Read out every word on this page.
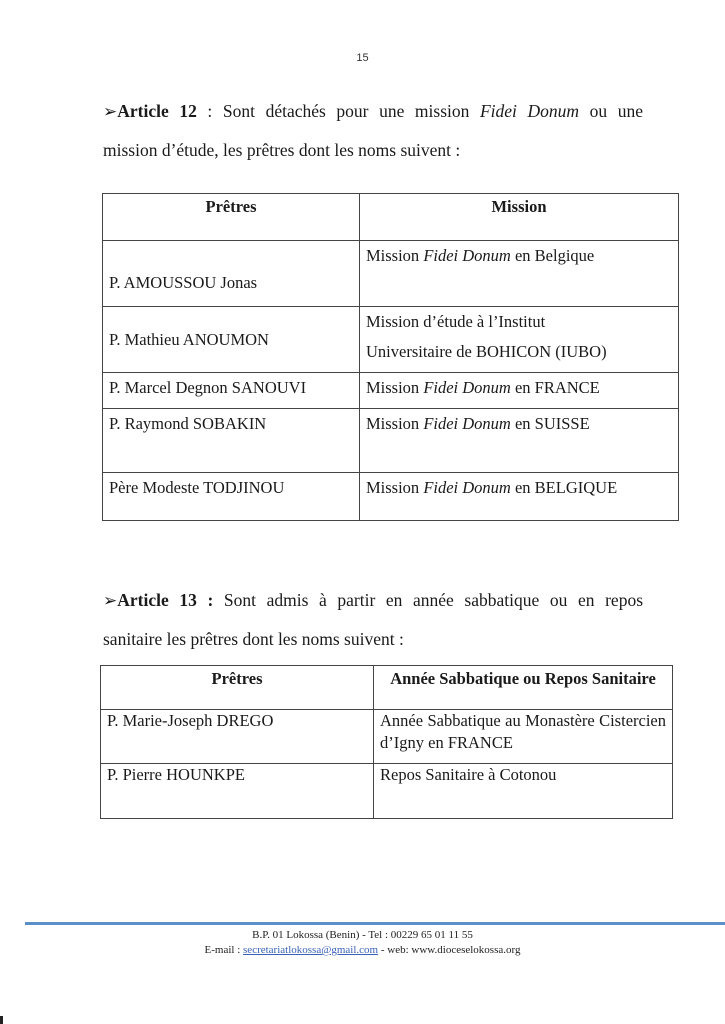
15
➢Article 12 : Sont détachés pour une mission Fidei Donum ou une
mission d’étude, les prêtres dont les noms suivent :
Prêtres	Mission
P. AMOUSSOU Jonas	Mission Fidei Donum en Belgique
P. Mathieu ANOUMON	Mission d’étude à l’Institut
Universitaire de BOHICON (IUBO)

P. Marcel Degnon SANOUVI	Mission Fidei Donum en FRANCE
P. Raymond SOBAKIN	Mission Fidei Donum en SUISSE
Père Modeste TODJINOU	Mission Fidei Donum en BELGIQUE
➢Article 13 : Sont admis à partir en année sabbatique ou en repos
sanitaire les prêtres dont les noms suivent :
Prêtres	Année Sabbatique ou Repos Sanitaire
P. Marie-Joseph DREGO	Année Sabbatique au Monastère Cistercien d’Igny en FRANCE
P. Pierre HOUNKPE	Repos Sanitaire à Cotonou
B.P. 01 Lokossa (Benin) - Tel : 00229 65 01 11 55
E-mail : secretariatlokossa@gmail.com - web: www.dioceselokossa.org
